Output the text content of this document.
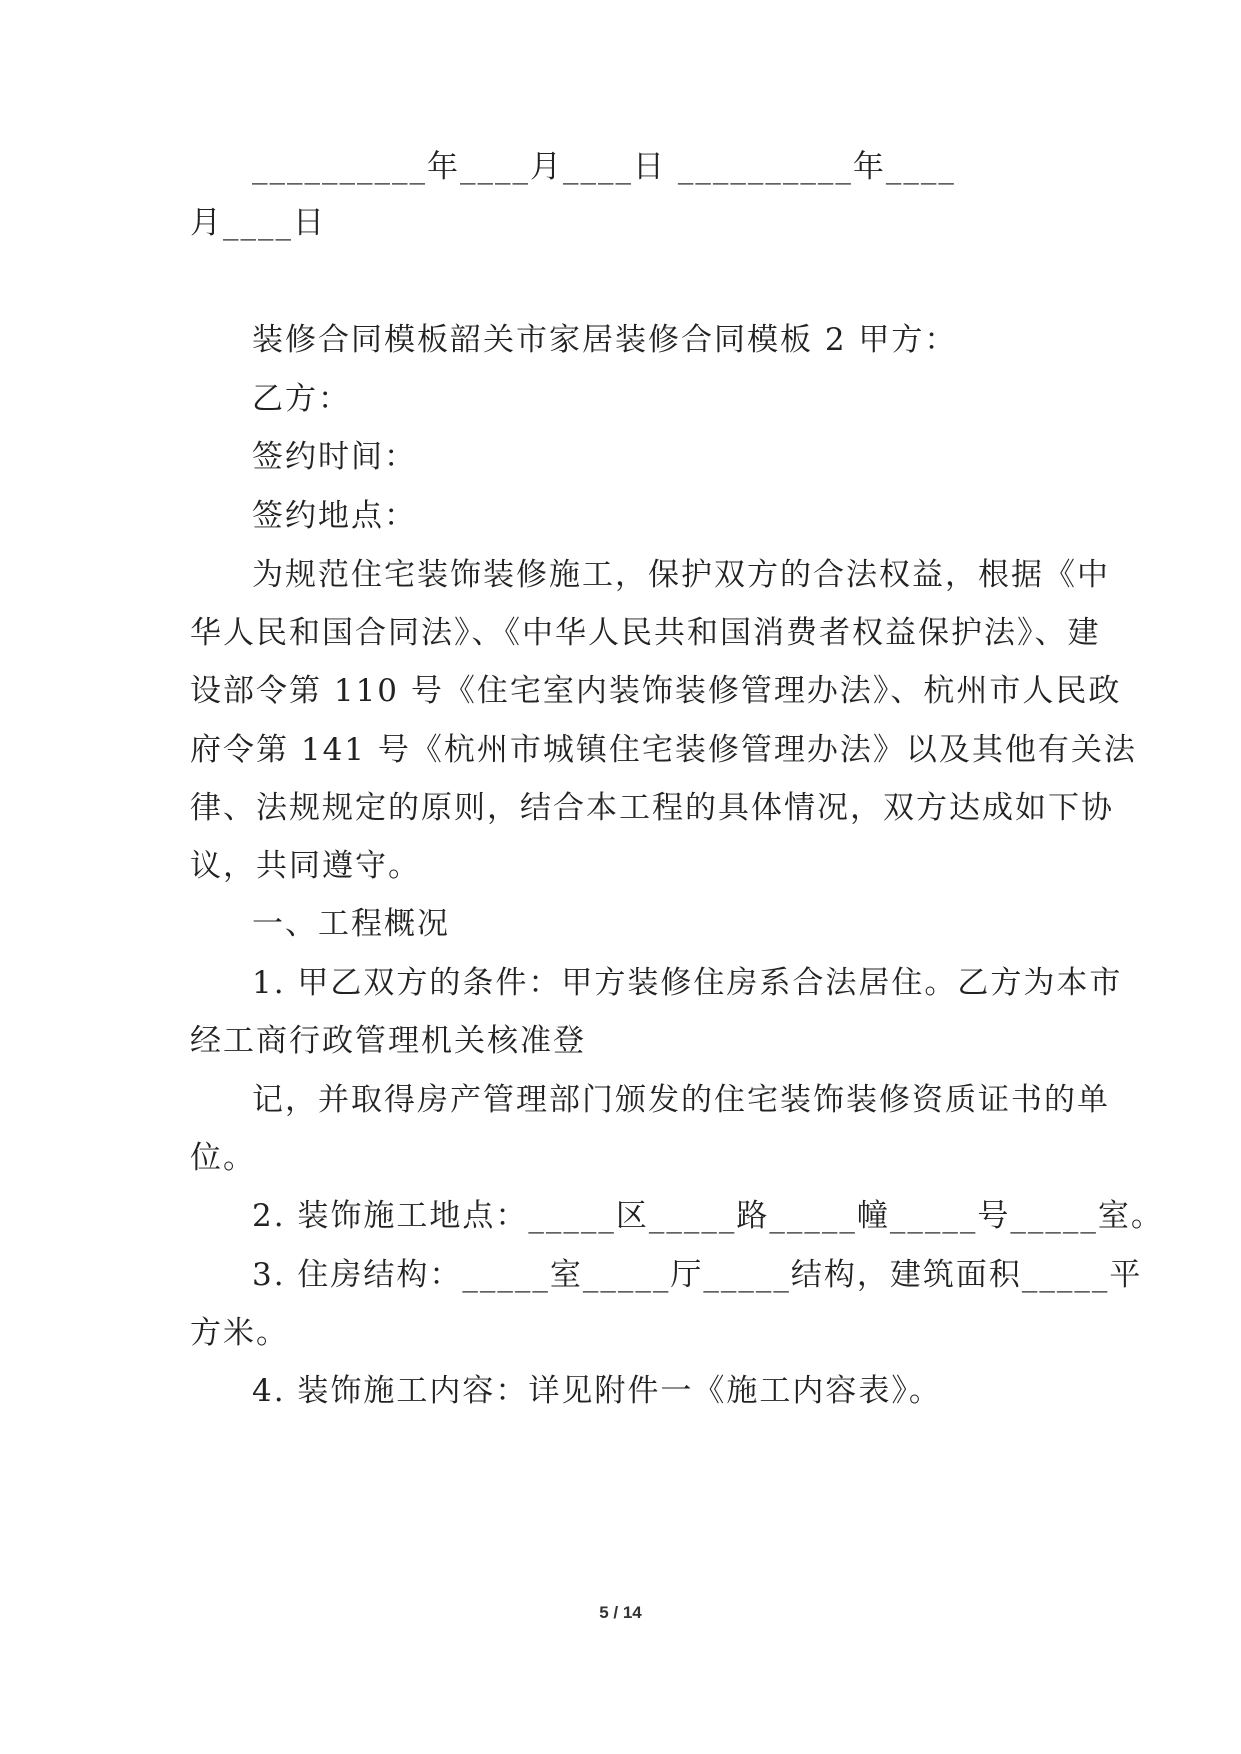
__________年____月____日 __________年____
月____日
装修合同模板韶关市家居装修合同模板 2 甲方：
乙方：
签约时间：
签约地点：
为规范住宅装饰装修施工，保护双方的合法权益，根据《中
华人民和国合同法》、《中华人民共和国消费者权益保护法》、建
设部令第 110 号《住宅室内装饰装修管理办法》、杭州市人民政
府令第 141 号《杭州市城镇住宅装修管理办法》以及其他有关法
律、法规规定的原则，结合本工程的具体情况，双方达成如下协
议，共同遵守。
一、工程概况
1. 甲乙双方的条件：甲方装修住房系合法居住。乙方为本市
经工商行政管理机关核准登
记，并取得房产管理部门颁发的住宅装饰装修资质证书的单
位。
2. 装饰施工地点：_____区_____路_____幢_____号_____室。
3. 住房结构：_____室_____厅_____结构，建筑面积_____平
方米。
4. 装饰施工内容：详见附件一《施工内容表》。
5 / 14
